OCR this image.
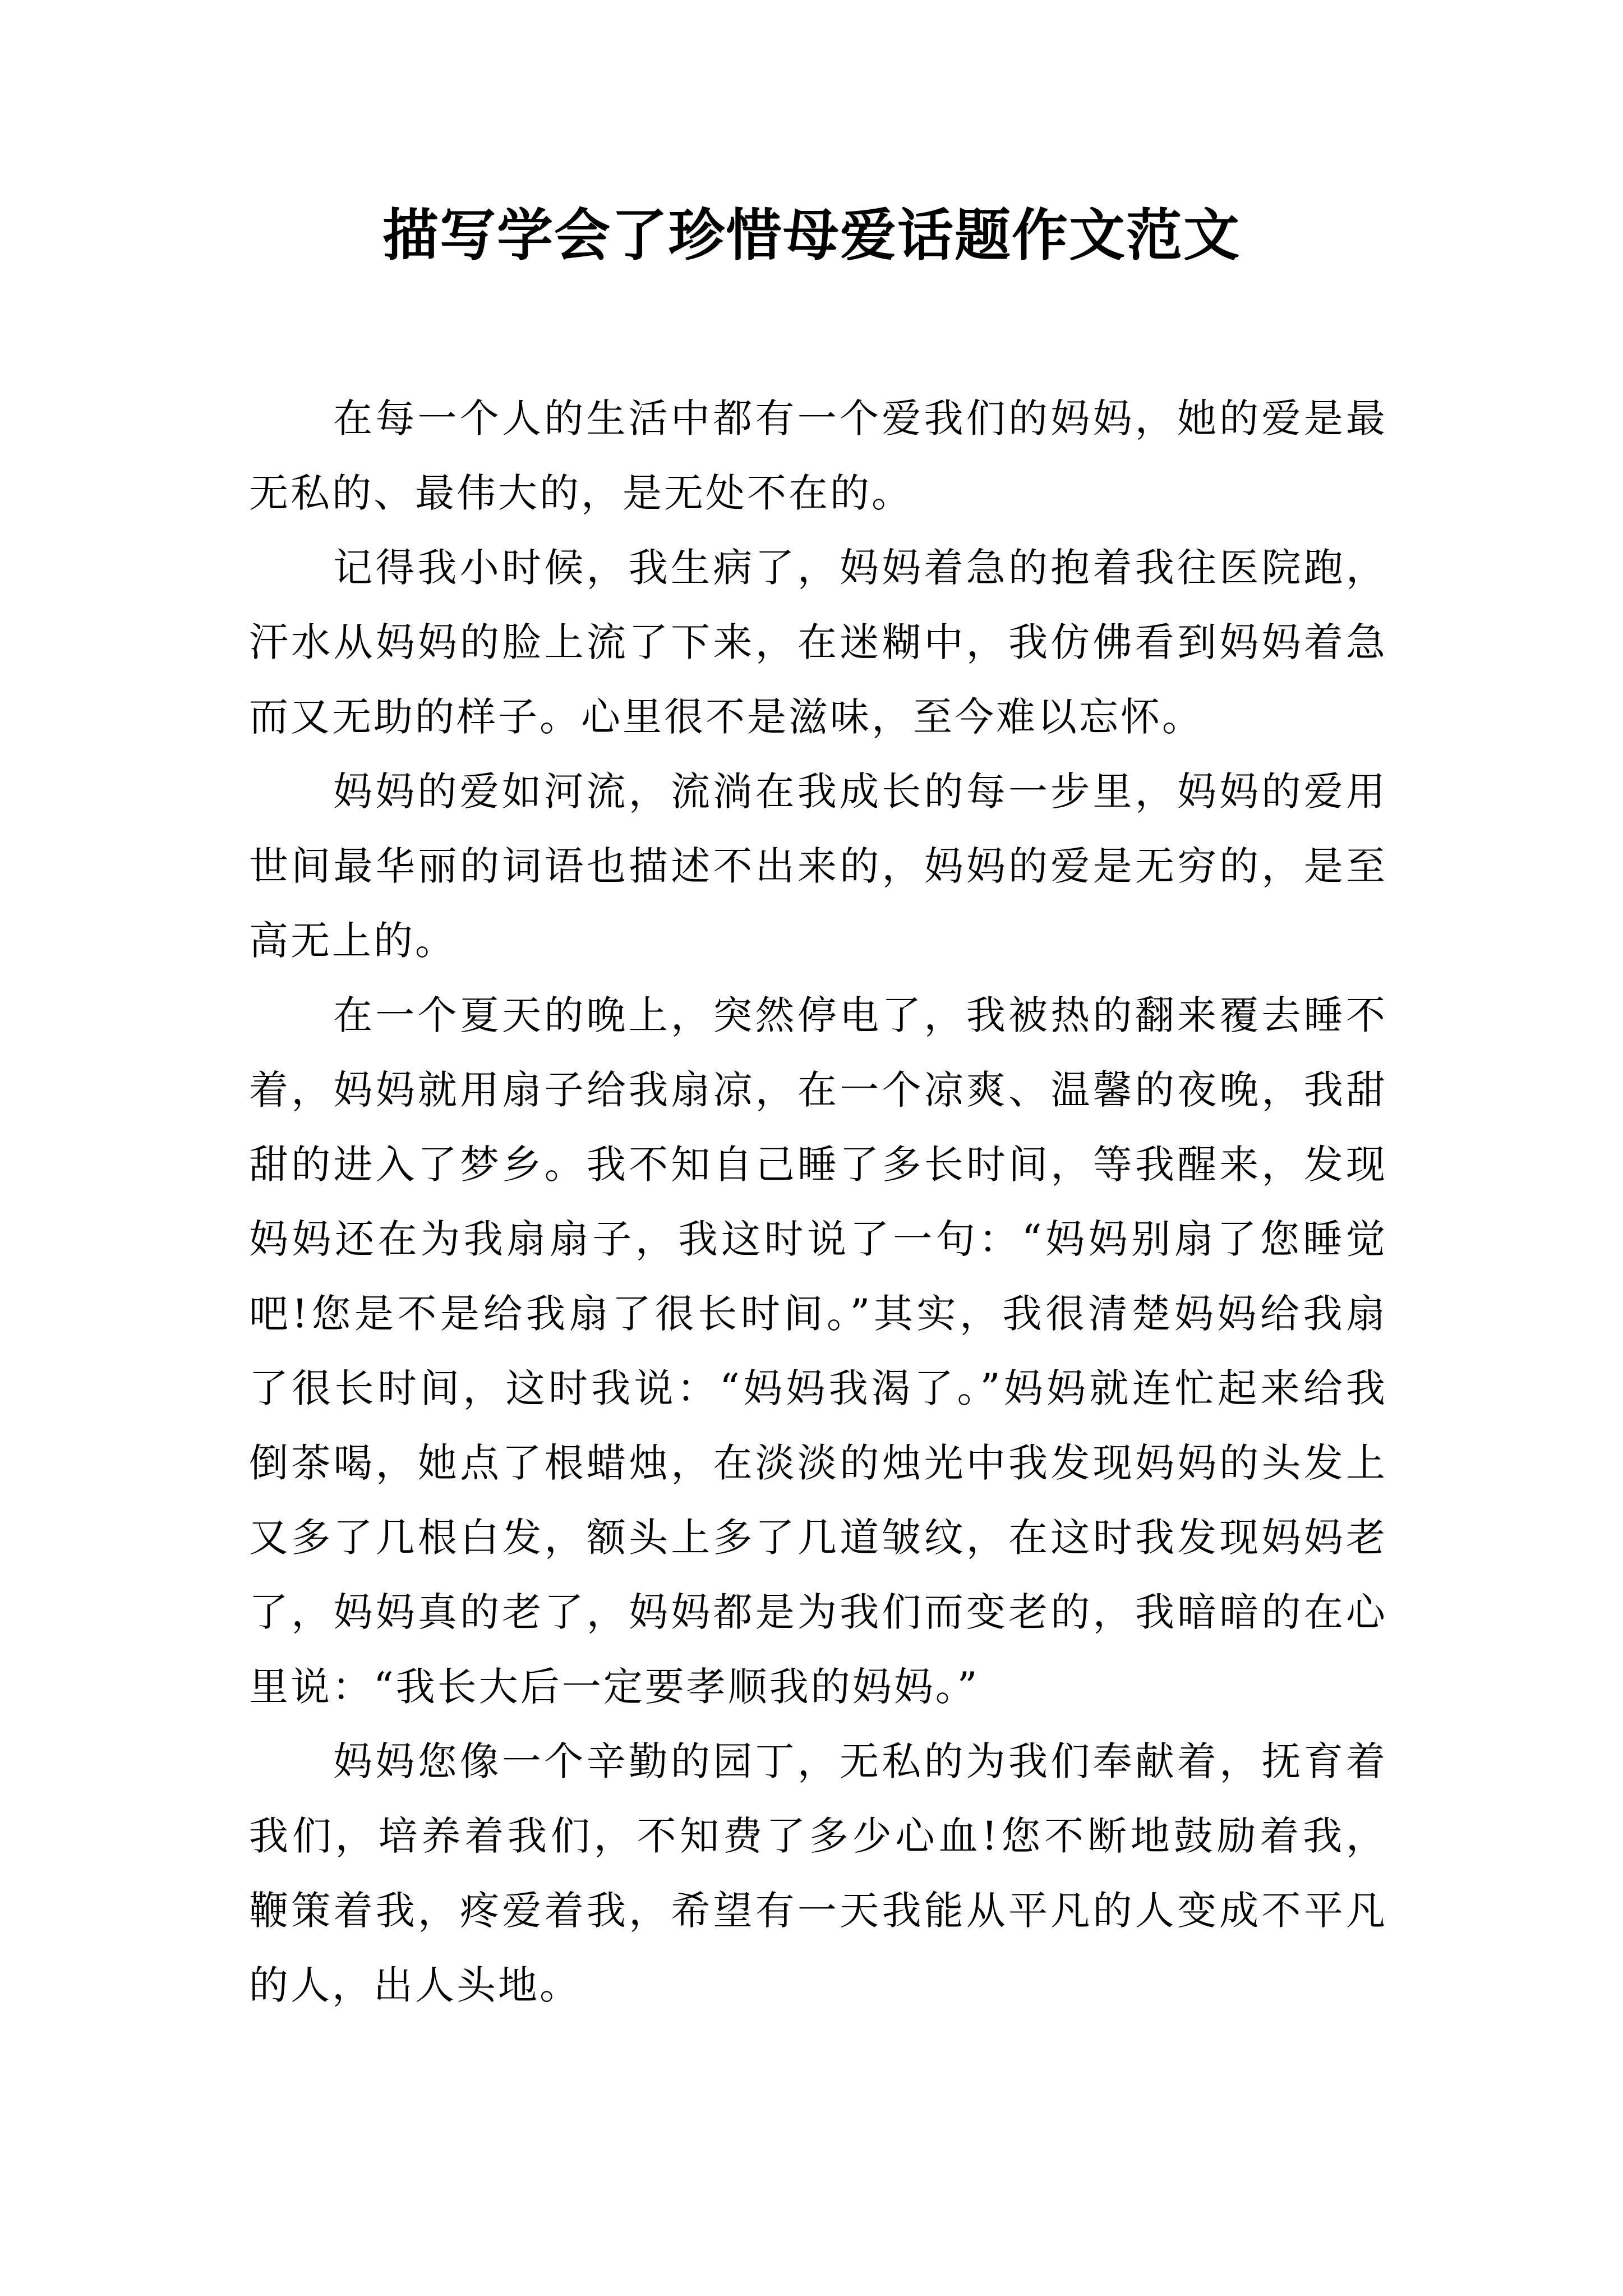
描写学会了珍惜母爱话题作文范文

在每一个人的生活中都有一个爱我们的妈妈，她的爱是最无私的、最伟大的，是无处不在的。

记得我小时候，我生病了，妈妈着急的抱着我往医院跑，汗水从妈妈的脸上流了下来，在迷糊中，我仿佛看到妈妈着急而又无助的样子。心里很不是滋味，至今难以忘怀。

妈妈的爱如河流，流淌在我成长的每一步里，妈妈的爱用世间最华丽的词语也描述不出来的，妈妈的爱是无穷的，是至高无上的。

在一个夏天的晚上，突然停电了，我被热的翻来覆去睡不着，妈妈就用扇子给我扇凉，在一个凉爽、温馨的夜晚，我甜甜的进入了梦乡。我不知自己睡了多长时间，等我醒来，发现妈妈还在为我扇扇子，我这时说了一句：“妈妈别扇了您睡觉吧!您是不是给我扇了很长时间。”其实，我很清楚妈妈给我扇了很长时间，这时我说：“妈妈我渴了。”妈妈就连忙起来给我倒茶喝，她点了根蜡烛，在淡淡的烛光中我发现妈妈的头发上又多了几根白发，额头上多了几道皱纹，在这时我发现妈妈老了，妈妈真的老了，妈妈都是为我们而变老的，我暗暗的在心里说：“我长大后一定要孝顺我的妈妈。”

妈妈您像一个辛勤的园丁，无私的为我们奉献着，抚育着我们，培养着我们，不知费了多少心血!您不断地鼓励着我，鞭策着我，疼爱着我，希望有一天我能从平凡的人变成不平凡的人，出人头地。
